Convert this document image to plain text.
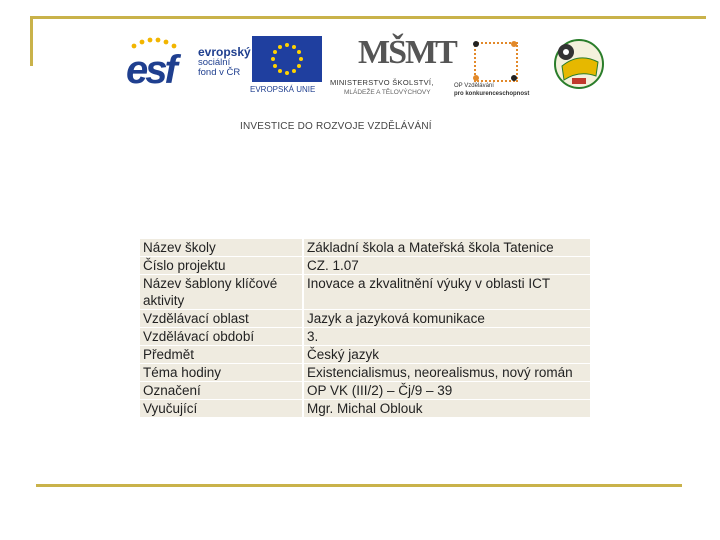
esf evropský
sociální
fond v ČR
EVROPSKÁ UNIE
MŠMT
MINISTERSTVO ŠKOLSTVÍ,
MLÁDEŽE A TĚLOVÝCHOVY
OP Vzdělávání
pro konkurenceschopnost
INVESTICE DO ROZVOJE VZDĚLÁVÁNÍ
Název školy	Základní škola a Mateřská škola Tatenice
Číslo projektu	CZ. 1.07
Název šablony klíčové aktivity	Inovace a zkvalitnění výuky v oblasti ICT
Vzdělávací oblast	Jazyk a jazyková komunikace
Vzdělávací období	3.
Předmět	Český jazyk
Téma hodiny	Existencialismus, neorealismus, nový román
Označení	OP VK (III/2) – Čj/9 – 39
Vyučující	Mgr. Michal Oblouk
